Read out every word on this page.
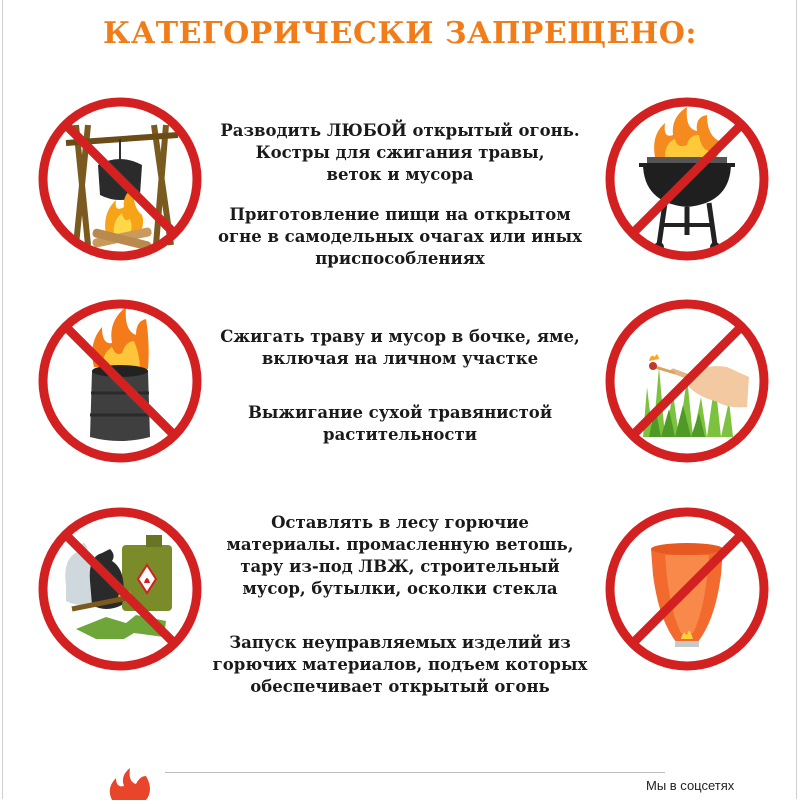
КАТЕГОРИЧЕСКИ ЗАПРЕЩЕНО:
Разводить ЛЮБОЙ открытый огонь.
Костры для сжигания травы,
веток и мусора
Приготовление пищи на открытом
огне в самодельных очагах или иных
приспособлениях
Сжигать траву и мусор в бочке, яме,
включая на личном участке
Выжигание сухой травянистой
растительности
Оставлять в лесу горючие
материалы. промасленную ветошь,
тару из-под ЛВЖ, строительный
мусор, бутылки, осколки стекла
Запуск неуправляемых изделий из
горючих материалов, подъем которых
обеспечивает открытый огонь
Мы в соцсетях
